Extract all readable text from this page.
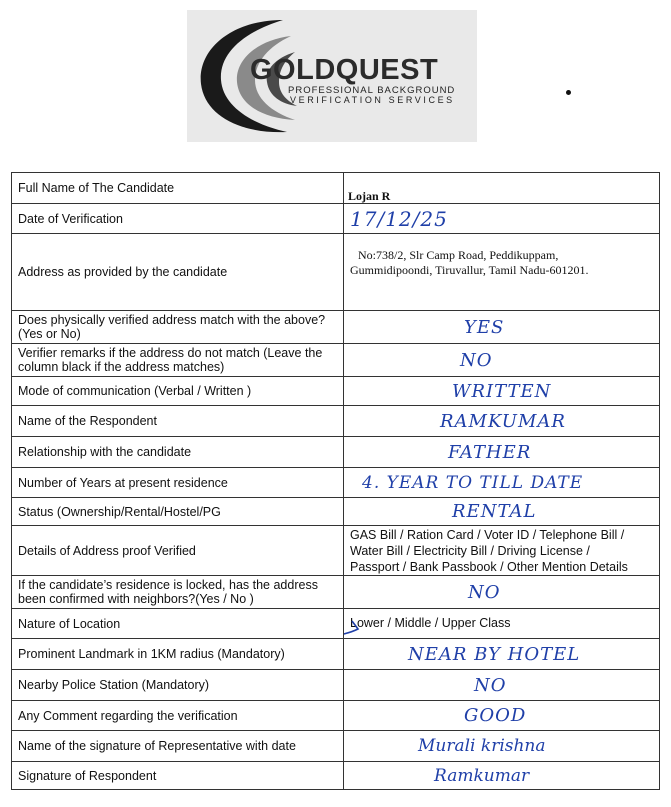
GOLDQUEST
PROFESSIONAL BACKGROUND
VERIFICATION SERVICES
Full Name of The Candidate	Lojan R
Date of Verification	17/12/25

Address as provided by the candidate	No:738/2, Slr Camp Road, Peddikuppam,
Gummidipoondi, Tiruvallur, Tamil Nadu-601201.

Does physically verified address match with the above? (Yes or No)	YES

Verifier remarks if the address do not match (Leave the column black if the address matches)	NO

Mode of communication (Verbal / Written )	WRITTEN

Name of the Respondent	RAMKUMAR

Relationship with the candidate	FATHER

Number of Years at present residence	4. YEAR TO TILL DATE

Status (Ownership/Rental/Hostel/PG	RENTAL

Details of Address proof Verified	GAS Bill / Ration Card / Voter ID / Telephone Bill /
Water Bill / Electricity Bill / Driving License /
Passport / Bank Passbook / Other Mention Details

If the candidate’s residence is locked, has the address been confirmed with neighbors?(Yes / No )	NO

Nature of Location	Lower / Middle / Upper Class
Prominent Landmark in 1KM radius (Mandatory)	NEAR BY HOTEL

Nearby Police Station (Mandatory)	NO

Any Comment regarding the verification	GOOD

Name of the signature of Representative with date	Murali krishna

Signature of Respondent	Ramkumar
